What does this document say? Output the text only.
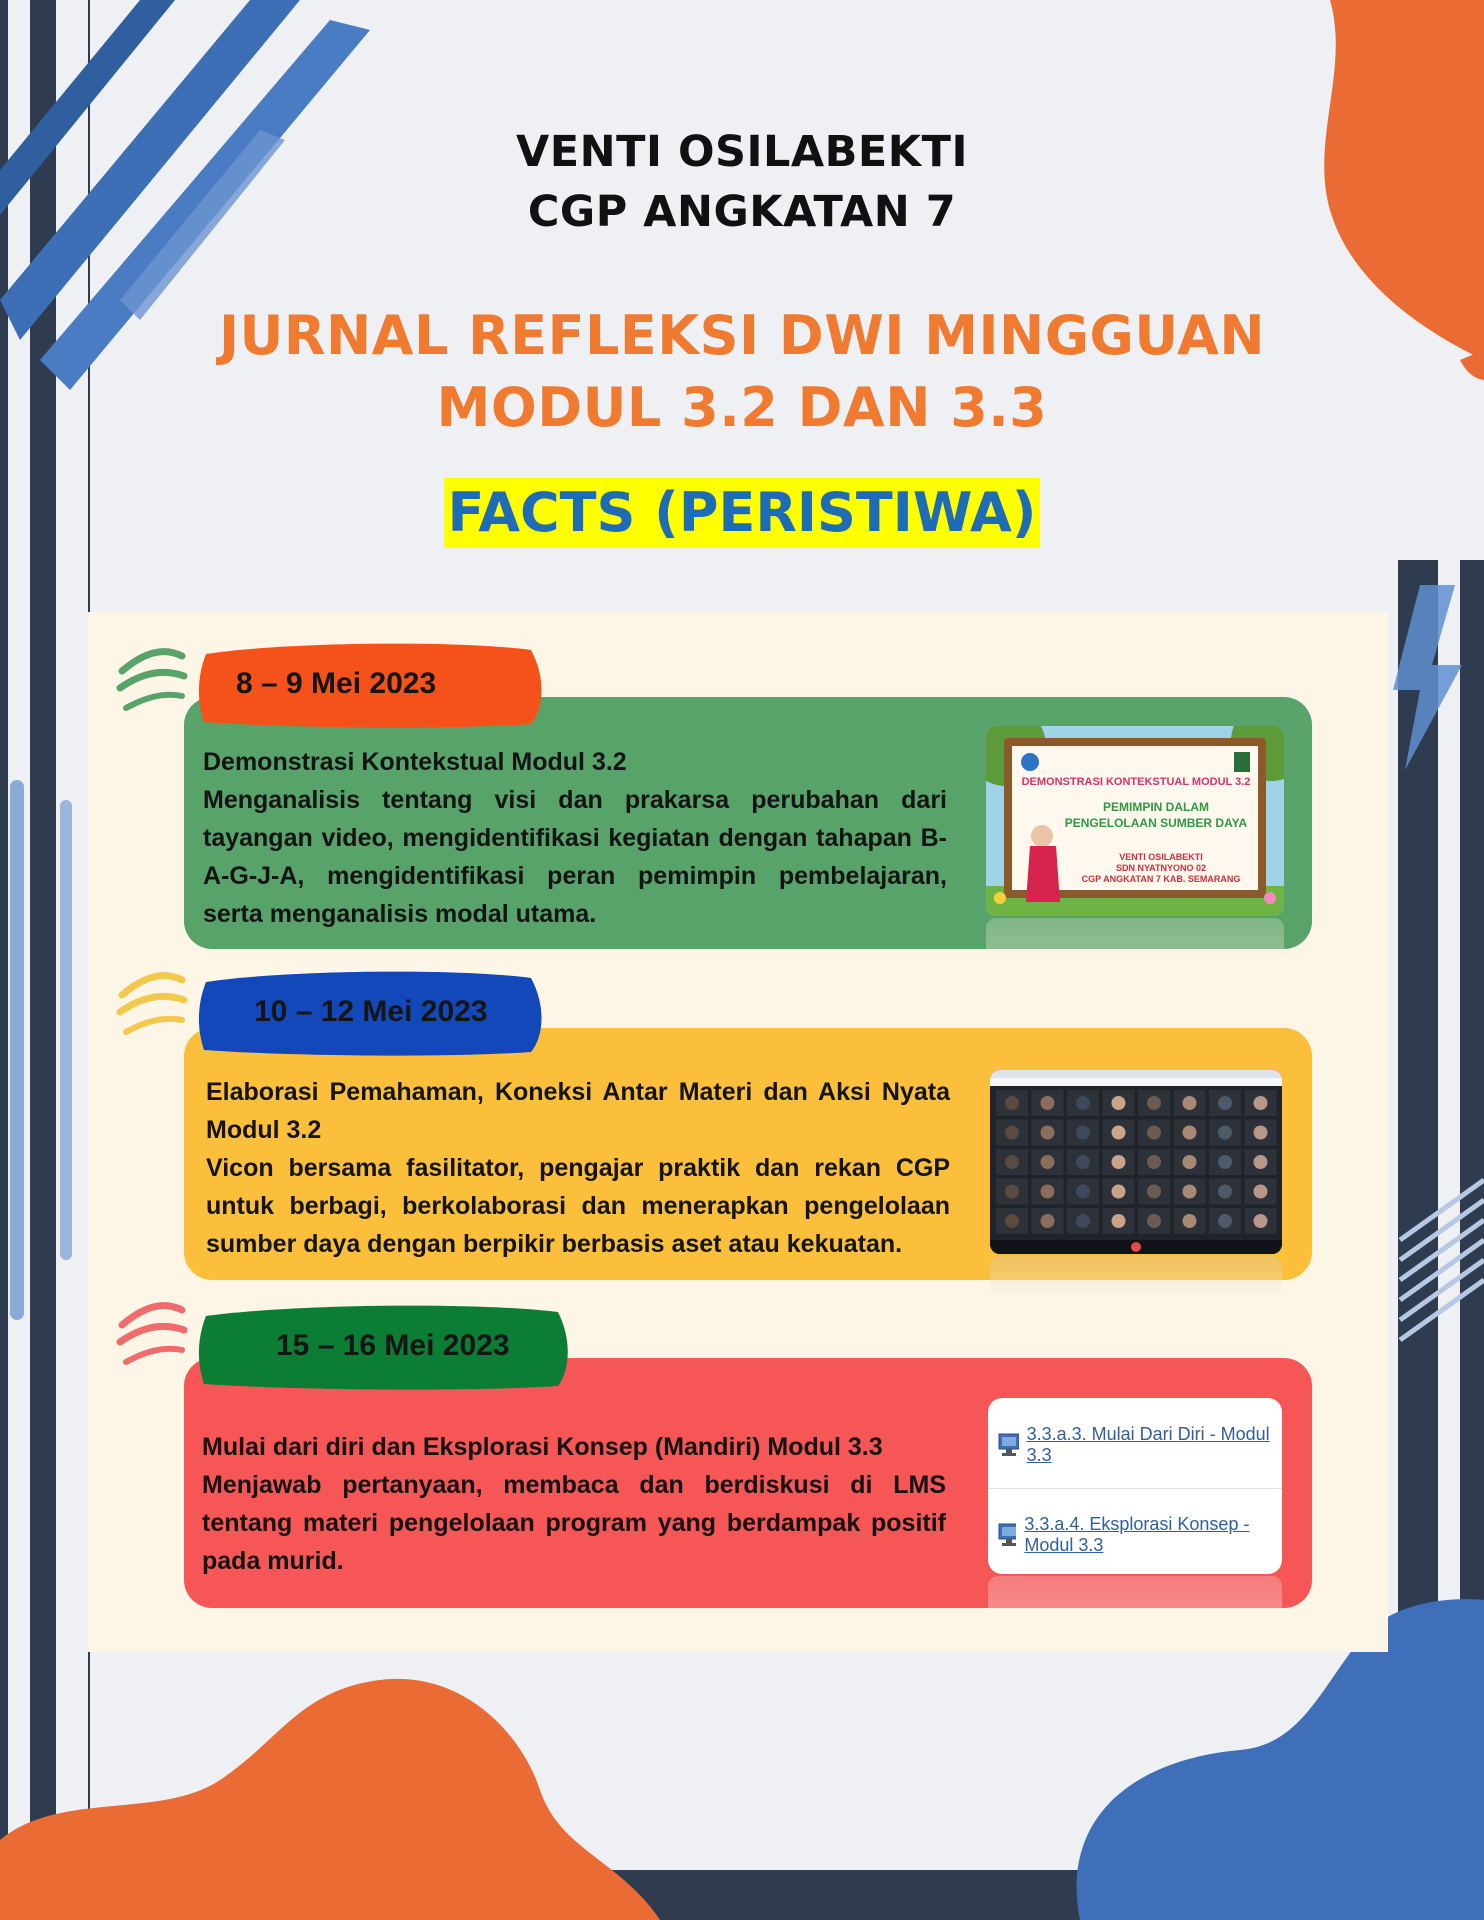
VENTI OSILABEKTI
CGP ANGKATAN 7
JURNAL REFLEKSI DWI MINGGUAN
MODUL 3.2 DAN 3.3
FACTS (PERISTIWA)
8 – 9 Mei 2023

Demonstrasi Kontekstual Modul 3.2

Menganalisis tentang visi dan prakarsa perubahan dari tayangan video, mengidentifikasi kegiatan dengan tahapan B-A-G-J-A, mengidentifikasi peran pemimpin pembelajaran, serta menganalisis modal utama.

DEMONSTRASI KONTEKSTUAL MODUL 3.2
PEMIMPIN DALAM
PENGELOLAAN SUMBER DAYA
VENTI OSILABEKTI
SDN NYATNYONO 02
CGP ANGKATAN 7 KAB. SEMARANG
10 – 12 Mei 2023

Elaborasi Pemahaman, Koneksi Antar Materi dan Aksi Nyata Modul 3.2

Vicon bersama fasilitator, pengajar praktik dan rekan CGP untuk berbagi, berkolaborasi dan menerapkan pengelolaan sumber daya dengan berpikir berbasis aset atau kekuatan.

15 – 16 Mei 2023

Mulai dari diri dan Eksplorasi Konsep (Mandiri) Modul 3.3

Menjawab pertanyaan, membaca dan berdiskusi di LMS tentang materi pengelolaan program yang berdampak positif pada murid.

3.3.a.3. Mulai Dari Diri - Modul 3.3
3.3.a.4. Eksplorasi Konsep - Modul 3.3
